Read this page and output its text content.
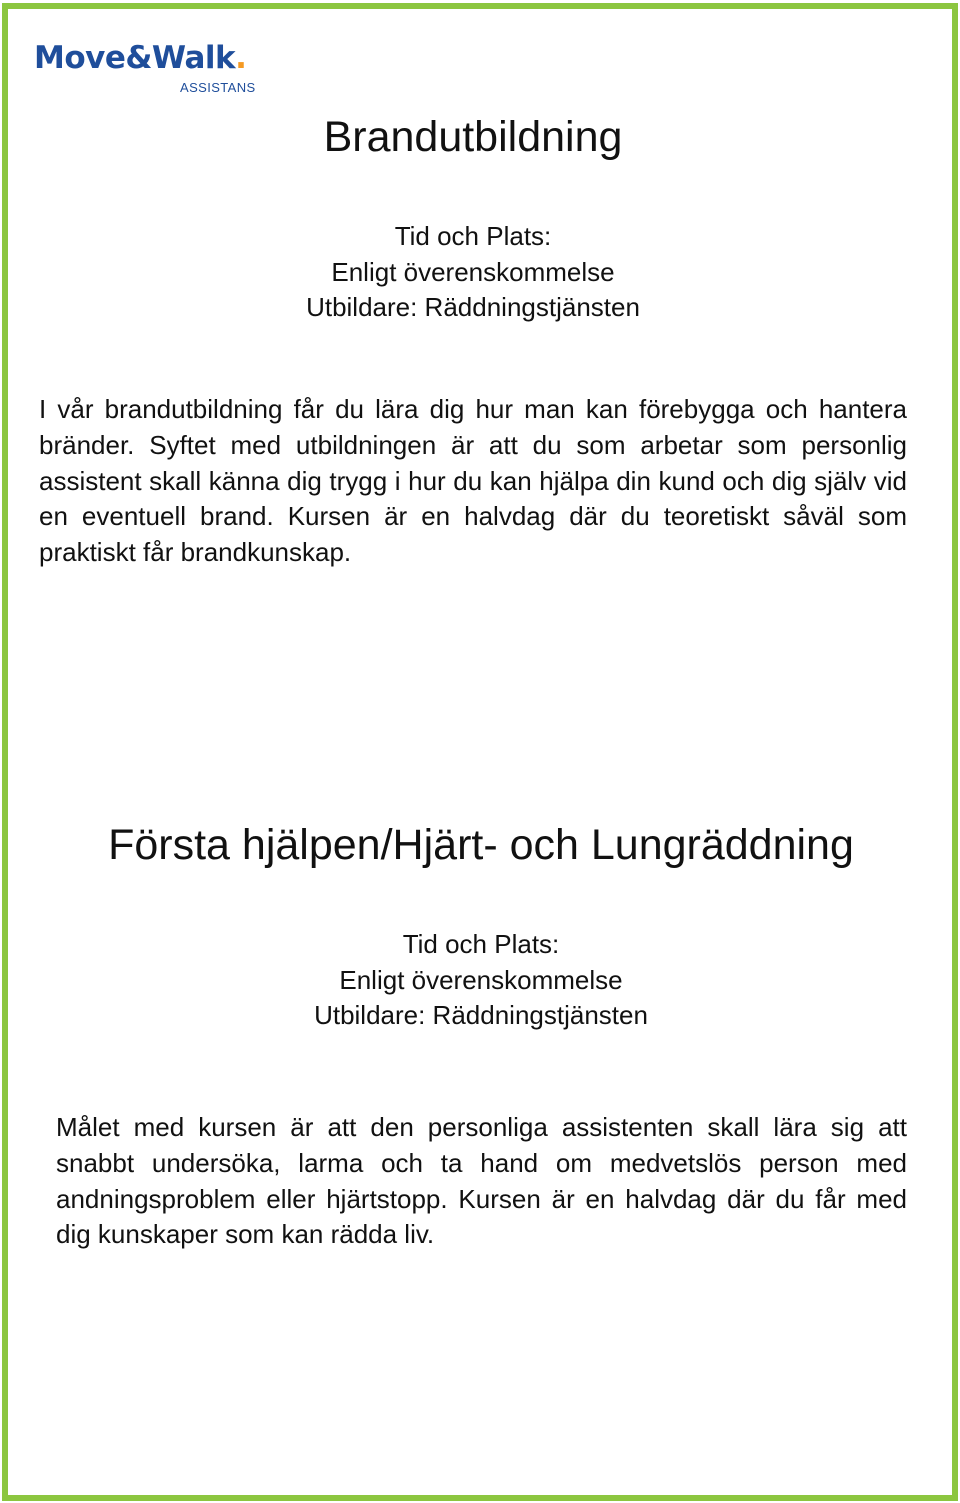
Move&Walk.
ASSISTANS
Brandutbildning
Tid och Plats:
Enligt överenskommelse
Utbildare: Räddningstjänsten

I vår brandutbildning får du lära dig hur man kan förebygga och hantera bränder. Syftet med utbildningen är att du som arbetar som personlig assistent skall känna dig trygg i hur du kan hjälpa din kund och dig själv vid en eventuell brand. Kursen är en halvdag där du teoretiskt såväl som praktiskt får brandkunskap.

Första hjälpen/Hjärt- och Lungräddning
Tid och Plats:
Enligt överenskommelse
Utbildare: Räddningstjänsten

Målet med kursen är att den personliga assistenten skall lära sig att snabbt undersöka, larma och ta hand om medvetslös person med andningsproblem eller hjärtstopp. Kursen är en halvdag där du får med dig kunskaper som kan rädda liv.
